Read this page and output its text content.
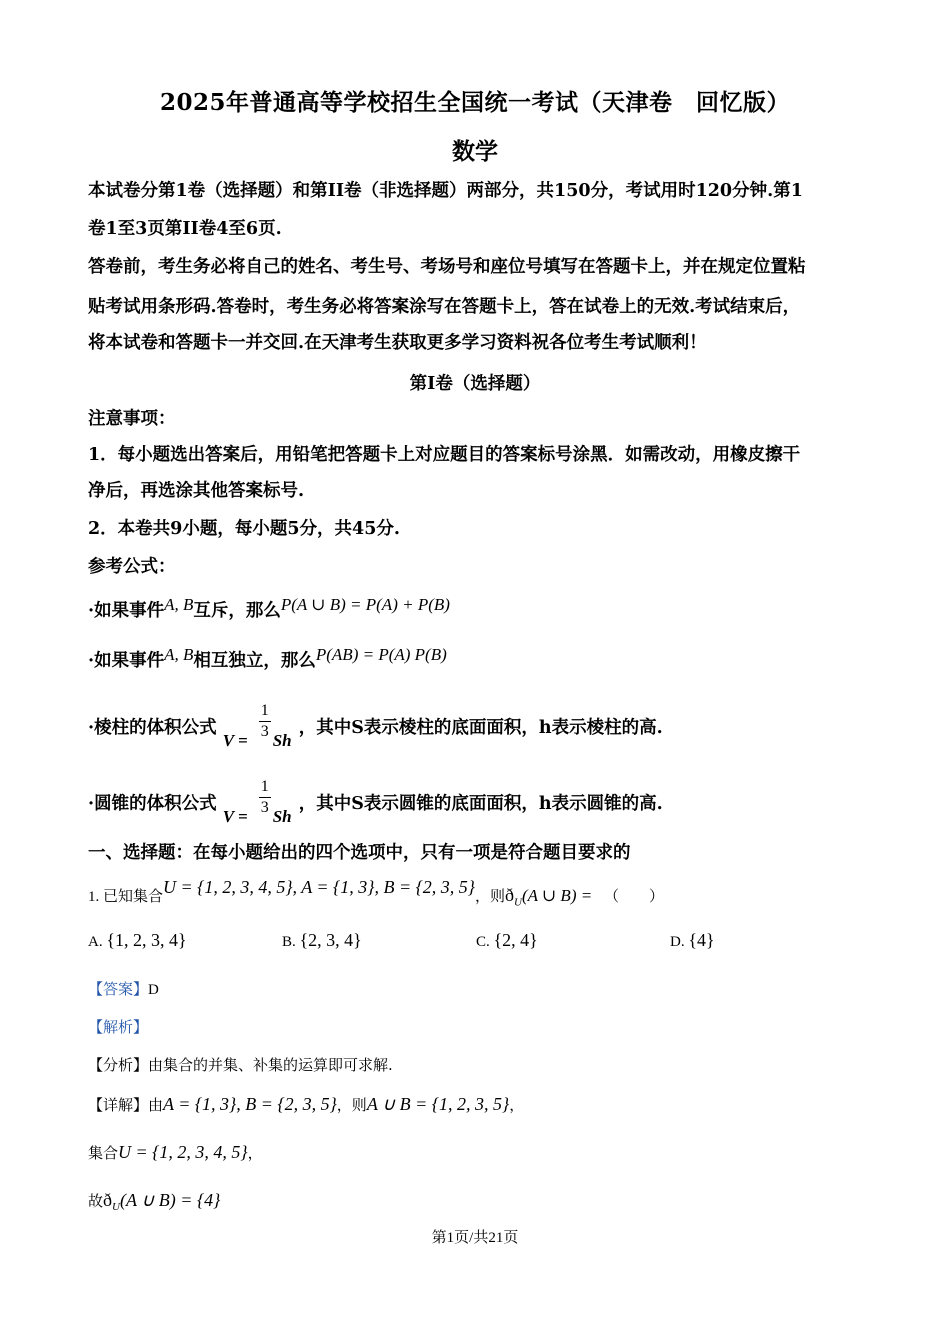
2025年普通高等学校招生全国统一考试（天津卷　回忆版）
数学
本试卷分第1卷（选择题）和第II卷（非选择题）两部分，共150分，考试用时120分钟.第1
卷1至3页第II卷4至6页.
答卷前，考生务必将自己的姓名、考生号、考场号和座位号填写在答题卡上，并在规定位置粘
贴考试用条形码.答卷时，考生务必将答案涂写在答题卡上，答在试卷上的无效.考试结束后，
将本试卷和答题卡一并交回.在天津考生获取更多学习资料祝各位考生考试顺利！
第I卷（选择题）
注意事项：
1．每小题选出答案后，用铅笔把答题卡上对应题目的答案标号涂黑．如需改动，用橡皮擦干
净后，再选涂其他答案标号.
2．本卷共9小题，每小题5分，共45分.
参考公式：
·如果事件A, B互斥，那么P(A ∪ B) = P(A) + P(B)
·如果事件A, B相互独立，那么P(AB) = P(A) P(B)
·棱柱的体积公式
$V = \frac{1}{3}$ Sh
，其中S表示棱柱的底面面积，h表示棱柱的高.
·圆锥的体积公式
$V = \frac{1}{3}$ Sh
，其中S表示圆锥的底面面积，h表示圆锥的高.
一、选择题：在每小题给出的四个选项中，只有一项是符合题目要求的
1. 已知集合U = {1, 2, 3, 4, 5}, A = {1, 3}, B = {2, 3, 5}，则$ð_U(A$ ∪ B) = （　　）
A. {1, 2, 3, 4}	B. {2, 3, 4}	C. {2, 4}	D. {4}
【答案】D
【解析】
【分析】由集合的并集、补集的运算即可求解.
【详解】由A = {1, 3}, B = {2, 3, 5}，则A ∪ B = {1, 2, 3, 5}，
集合U = {1, 2, 3, 4, 5}，
故$ð_U(A$ ∪ B) = {4}
第1页/共21页
